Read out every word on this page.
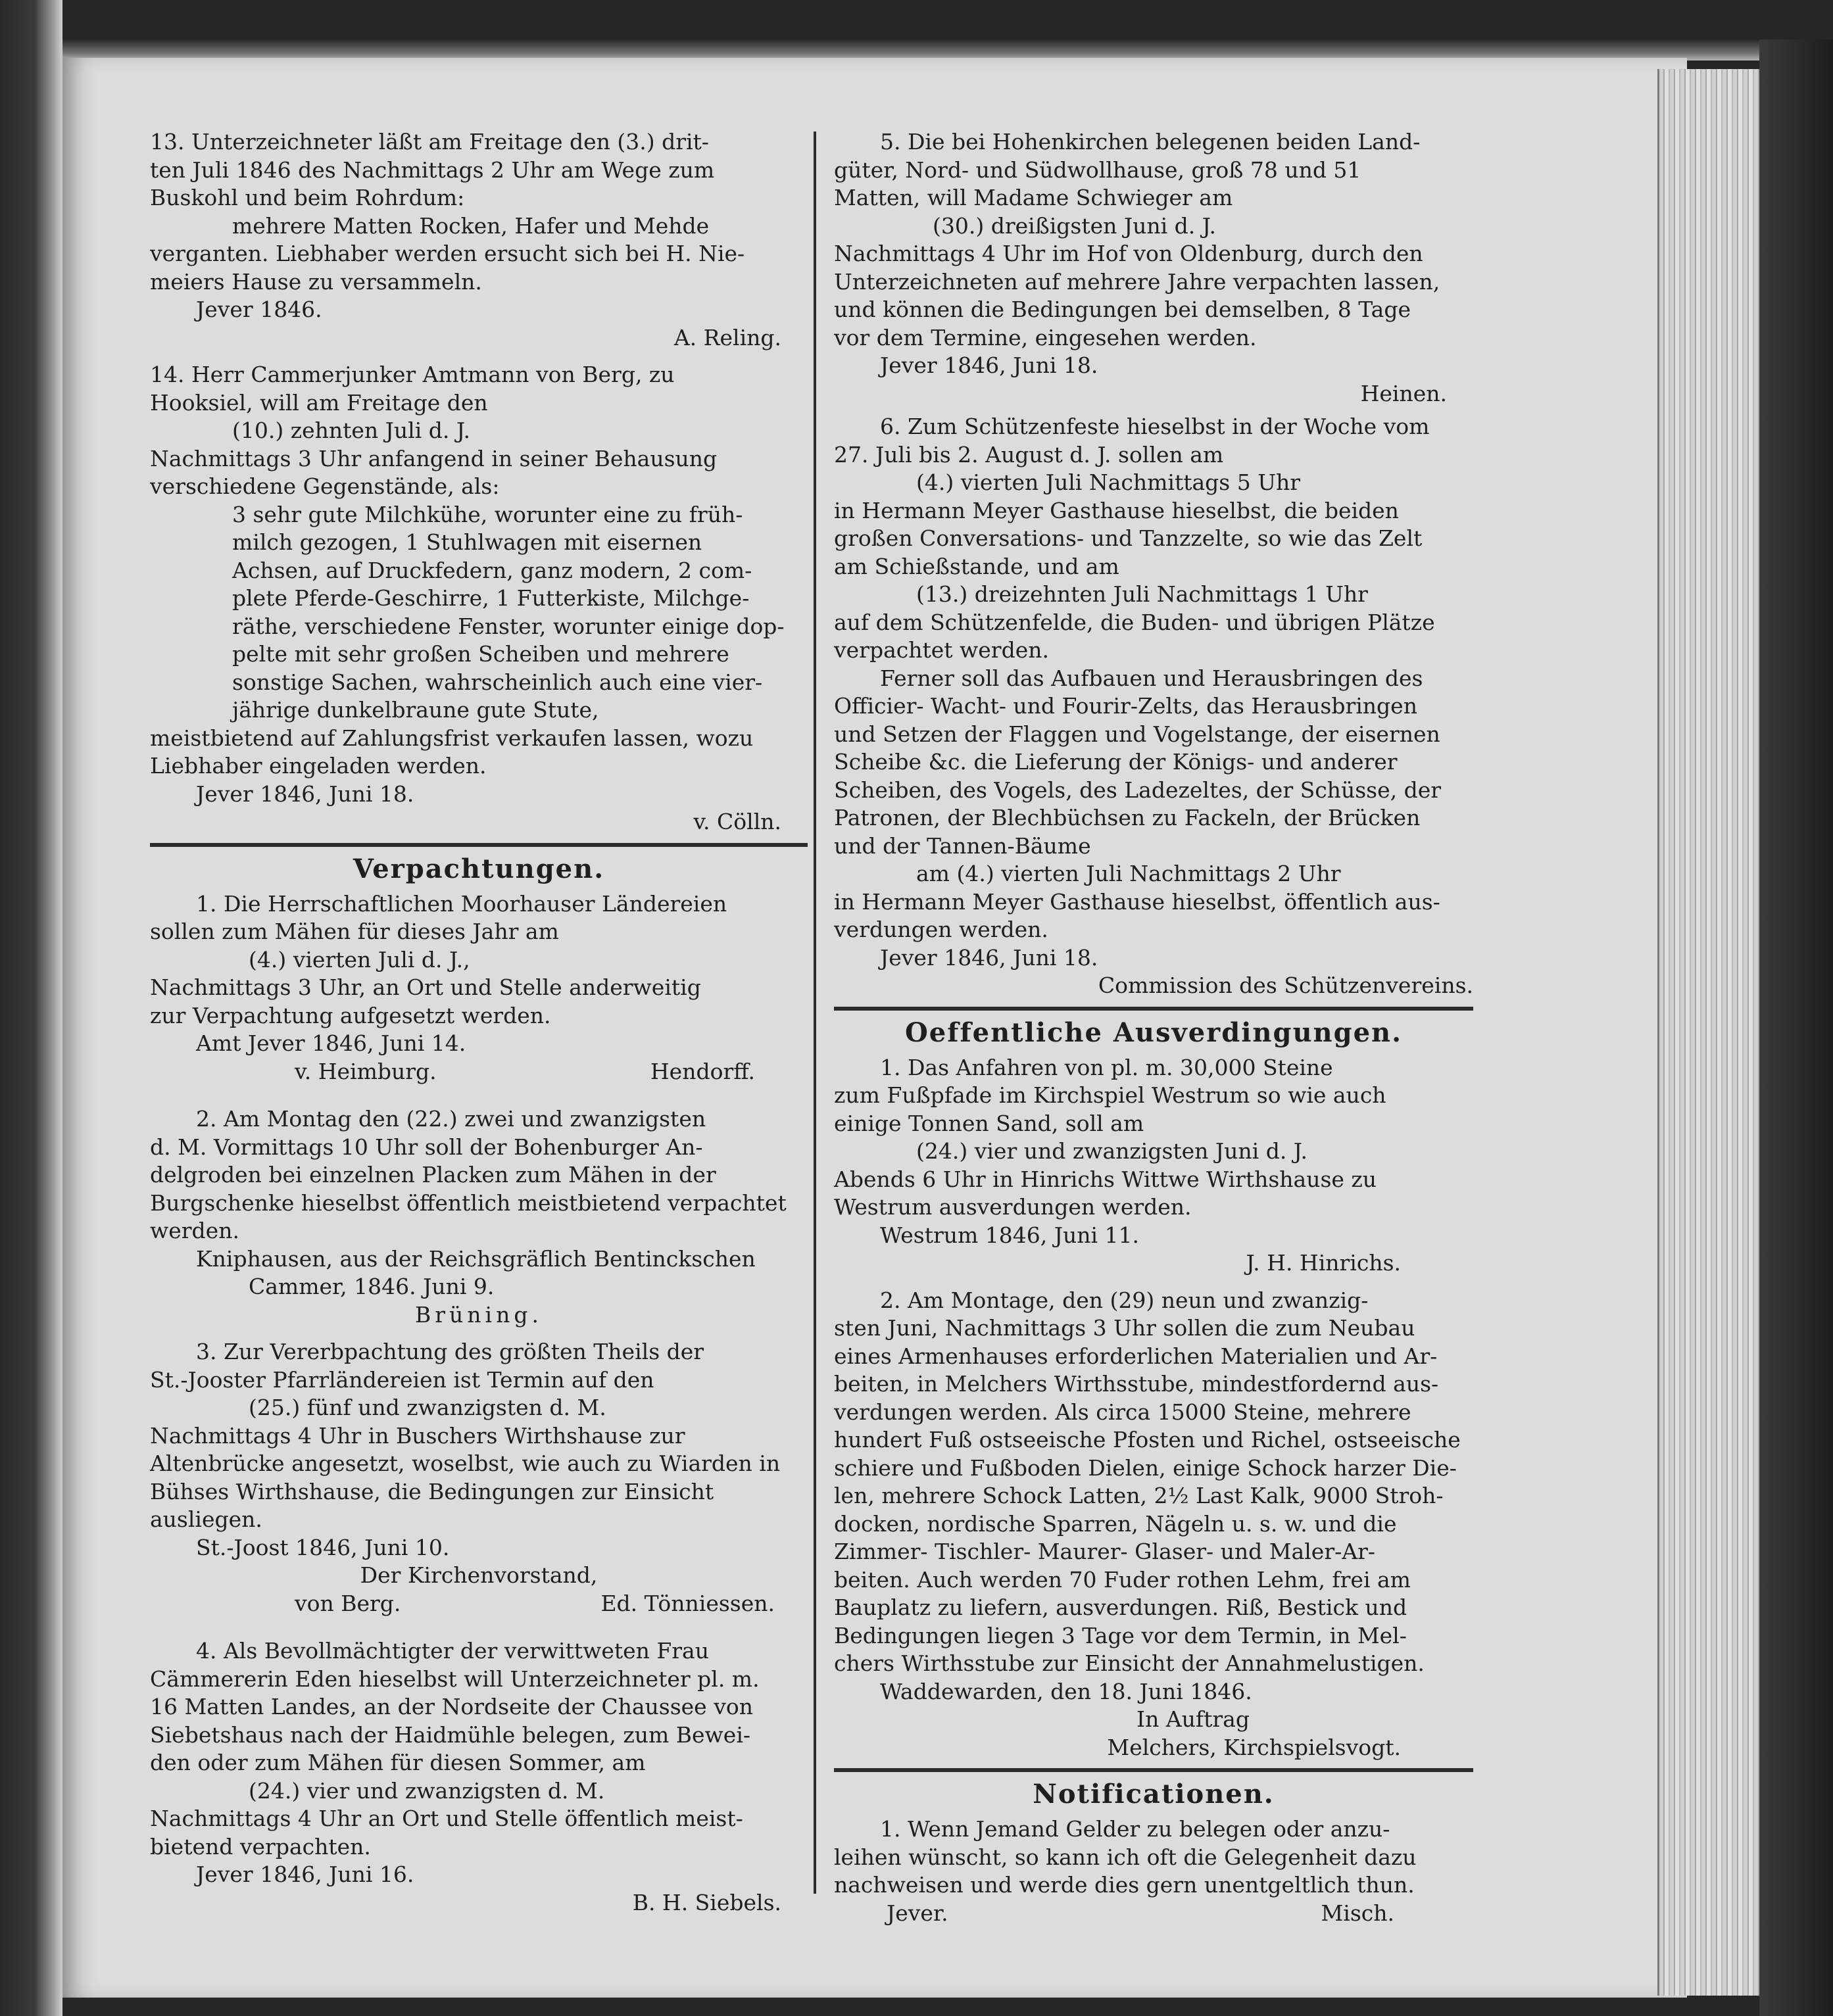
13. Unterzeichneter läßt am Freitage den (3.) drit-

ten Juli 1846 des Nachmittags 2 Uhr am Wege zum

Buskohl und beim Rohrdum:

mehrere Matten Rocken, Hafer und Mehde

verganten. Liebhaber werden ersucht sich bei H. Nie-

meiers Hause zu versammeln.

Jever 1846.

A. Reling.

14. Herr Cammerjunker Amtmann von Berg, zu

Hooksiel, will am Freitage den

(10.) zehnten Juli d. J.

Nachmittags 3 Uhr anfangend in seiner Behausung

verschiedene Gegenstände, als:

3 sehr gute Milchkühe, worunter eine zu früh-

milch gezogen, 1 Stuhlwagen mit eisernen

Achsen, auf Druckfedern, ganz modern, 2 com-

plete Pferde-Geschirre, 1 Futterkiste, Milchge-

räthe, verschiedene Fenster, worunter einige dop-

pelte mit sehr großen Scheiben und mehrere

sonstige Sachen, wahrscheinlich auch eine vier-

jährige dunkelbraune gute Stute,

meistbietend auf Zahlungsfrist verkaufen lassen, wozu

Liebhaber eingeladen werden.

Jever 1846, Juni 18.

v. Cölln.

Verpachtungen.

1. Die Herrschaftlichen Moorhauser Ländereien

sollen zum Mähen für dieses Jahr am

(4.) vierten Juli d. J.,

Nachmittags 3 Uhr, an Ort und Stelle anderweitig

zur Verpachtung aufgesetzt werden.

Amt Jever 1846, Juni 14.

v. Heimburg.	Hendorff.

2. Am Montag den (22.) zwei und zwanzigsten

d. M. Vormittags 10 Uhr soll der Bohenburger An-

delgroden bei einzelnen Placken zum Mähen in der

Burgschenke hieselbst öffentlich meistbietend verpachtet

werden.

Kniphausen, aus der Reichsgräflich Bentinckschen

Cammer, 1846. Juni 9.

Brüning.

3. Zur Vererbpachtung des größten Theils der

St.-Jooster Pfarrländereien ist Termin auf den

(25.) fünf und zwanzigsten d. M.

Nachmittags 4 Uhr in Buschers Wirthshause zur

Altenbrücke angesetzt, woselbst, wie auch zu Wiarden in

Bühses Wirthshause, die Bedingungen zur Einsicht

ausliegen.

St.-Joost 1846, Juni 10.

Der Kirchenvorstand,

von Berg.	Ed. Tönniessen.

4. Als Bevollmächtigter der verwittweten Frau

Cämmererin Eden hieselbst will Unterzeichneter pl. m.

16 Matten Landes, an der Nordseite der Chaussee von

Siebetshaus nach der Haidmühle belegen, zum Bewei-

den oder zum Mähen für diesen Sommer, am

(24.) vier und zwanzigsten d. M.

Nachmittags 4 Uhr an Ort und Stelle öffentlich meist-

bietend verpachten.

Jever 1846, Juni 16.

B. H. Siebels.

5. Die bei Hohenkirchen belegenen beiden Land-

güter, Nord- und Südwollhause, groß 78 und 51

Matten, will Madame Schwieger am

(30.) dreißigsten Juni d. J.

Nachmittags 4 Uhr im Hof von Oldenburg, durch den

Unterzeichneten auf mehrere Jahre verpachten lassen,

und können die Bedingungen bei demselben, 8 Tage

vor dem Termine, eingesehen werden.

Jever 1846, Juni 18.

Heinen.

6. Zum Schützenfeste hieselbst in der Woche vom

27. Juli bis 2. August d. J. sollen am

(4.) vierten Juli Nachmittags 5 Uhr

in Hermann Meyer Gasthause hieselbst, die beiden

großen Conversations- und Tanzzelte, so wie das Zelt

am Schießstande, und am

(13.) dreizehnten Juli Nachmittags 1 Uhr

auf dem Schützenfelde, die Buden- und übrigen Plätze

verpachtet werden.

Ferner soll das Aufbauen und Herausbringen des

Officier- Wacht- und Fourir-Zelts, das Herausbringen

und Setzen der Flaggen und Vogelstange, der eisernen

Scheibe &c. die Lieferung der Königs- und anderer

Scheiben, des Vogels, des Ladezeltes, der Schüsse, der

Patronen, der Blechbüchsen zu Fackeln, der Brücken

und der Tannen-Bäume

am (4.) vierten Juli Nachmittags 2 Uhr

in Hermann Meyer Gasthause hieselbst, öffentlich aus-

verdungen werden.

Jever 1846, Juni 18.

Commission des Schützenvereins.

Oeffentliche Ausverdingungen.

1. Das Anfahren von pl. m. 30,000 Steine

zum Fußpfade im Kirchspiel Westrum so wie auch

einige Tonnen Sand, soll am

(24.) vier und zwanzigsten Juni d. J.

Abends 6 Uhr in Hinrichs Wittwe Wirthshause zu

Westrum ausverdungen werden.

Westrum 1846, Juni 11.

J. H. Hinrichs.

2. Am Montage, den (29) neun und zwanzig-

sten Juni, Nachmittags 3 Uhr sollen die zum Neubau

eines Armenhauses erforderlichen Materialien und Ar-

beiten, in Melchers Wirthsstube, mindestfordernd aus-

verdungen werden. Als circa 15000 Steine, mehrere

hundert Fuß ostseeische Pfosten und Richel, ostseeische

schiere und Fußboden Dielen, einige Schock harzer Die-

len, mehrere Schock Latten, 2½ Last Kalk, 9000 Stroh-

docken, nordische Sparren, Nägeln u. s. w. und die

Zimmer- Tischler- Maurer- Glaser- und Maler-Ar-

beiten. Auch werden 70 Fuder rothen Lehm, frei am

Bauplatz zu liefern, ausverdungen. Riß, Bestick und

Bedingungen liegen 3 Tage vor dem Termin, in Mel-

chers Wirthsstube zur Einsicht der Annahmelustigen.

Waddewarden, den 18. Juni 1846.

In Auftrag

Melchers, Kirchspielsvogt.

Notificationen.

1. Wenn Jemand Gelder zu belegen oder anzu-

leihen wünscht, so kann ich oft die Gelegenheit dazu

nachweisen und werde dies gern unentgeltlich thun.

Jever.	Misch.
